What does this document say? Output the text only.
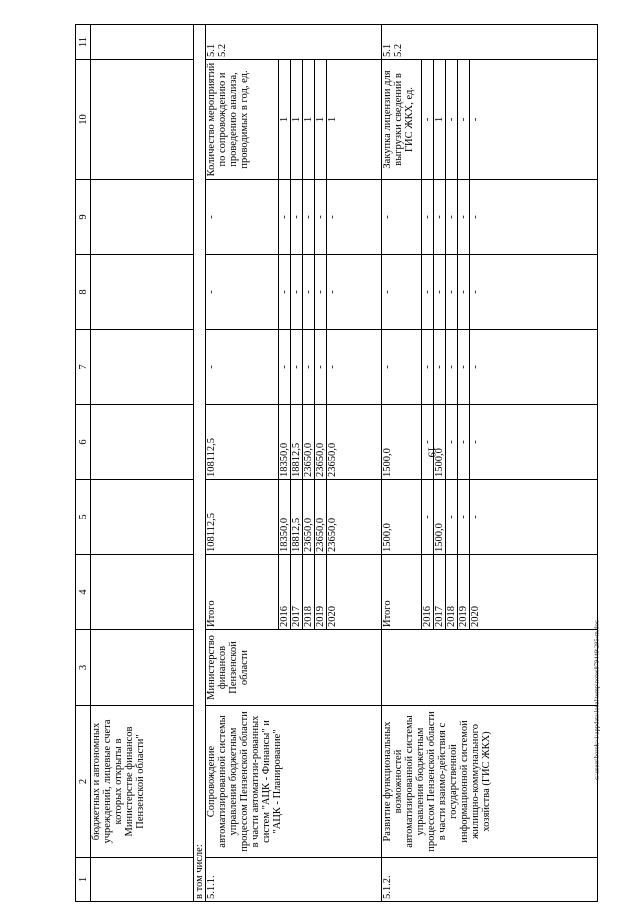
19
c:\users\borok~1\appdata\local\temp\notes879449\295-m.doc
1	2	3	4	5	6	7	8	9	10	11
	бюджетных и автономных учреждений, лицевые счета которых открыты в Министерстве финансов Пензенской области"									
в том числе:										
5.1.1.	Сопровождение автоматизированной системы управления бюджетным процессом Пензенской области в части автоматизи-рованных систем "АЦК - Финансы" и "АЦК - Планирование"	Министерство финансов Пензенской области	Итого	108112,5	108112,5	-	-	-	Количество мероприятий по сопровождению и проведению анализа, проводимых в год, ед.	5.1
5.2
			2016	18350,0	18350,0	-	-	-	1	
			2017	18812,5	18812,5	-	-	-	1	
			2018	23650,0	23650,0	-	-	-	1	
			2019	23650,0	23650,0	-	-	-	1	
			2020	23650,0	23650,0	-	-	-	1	
5.1.2.	Развитие функциональных возможностей автоматизированной системы управления бюджетным процессом Пензенской области в части взаимо-действия с государственной информационной системой жилищно-коммунального хозяйства (ГИС ЖКХ)		Итого	1500,0	1500,0	-	-	-	Закупка лицензии для выгрузки сведений в ГИС ЖКХ, ед.	5.1
5.2
			2016	-	-	-	-	-	-	
			2017	1500,0	1500,0	-	-	-	1	
			2018	-	-	-	-	-	-	
			2019	-	-	-	-	-	-	
			2020	-	-	-	-	-	-	
